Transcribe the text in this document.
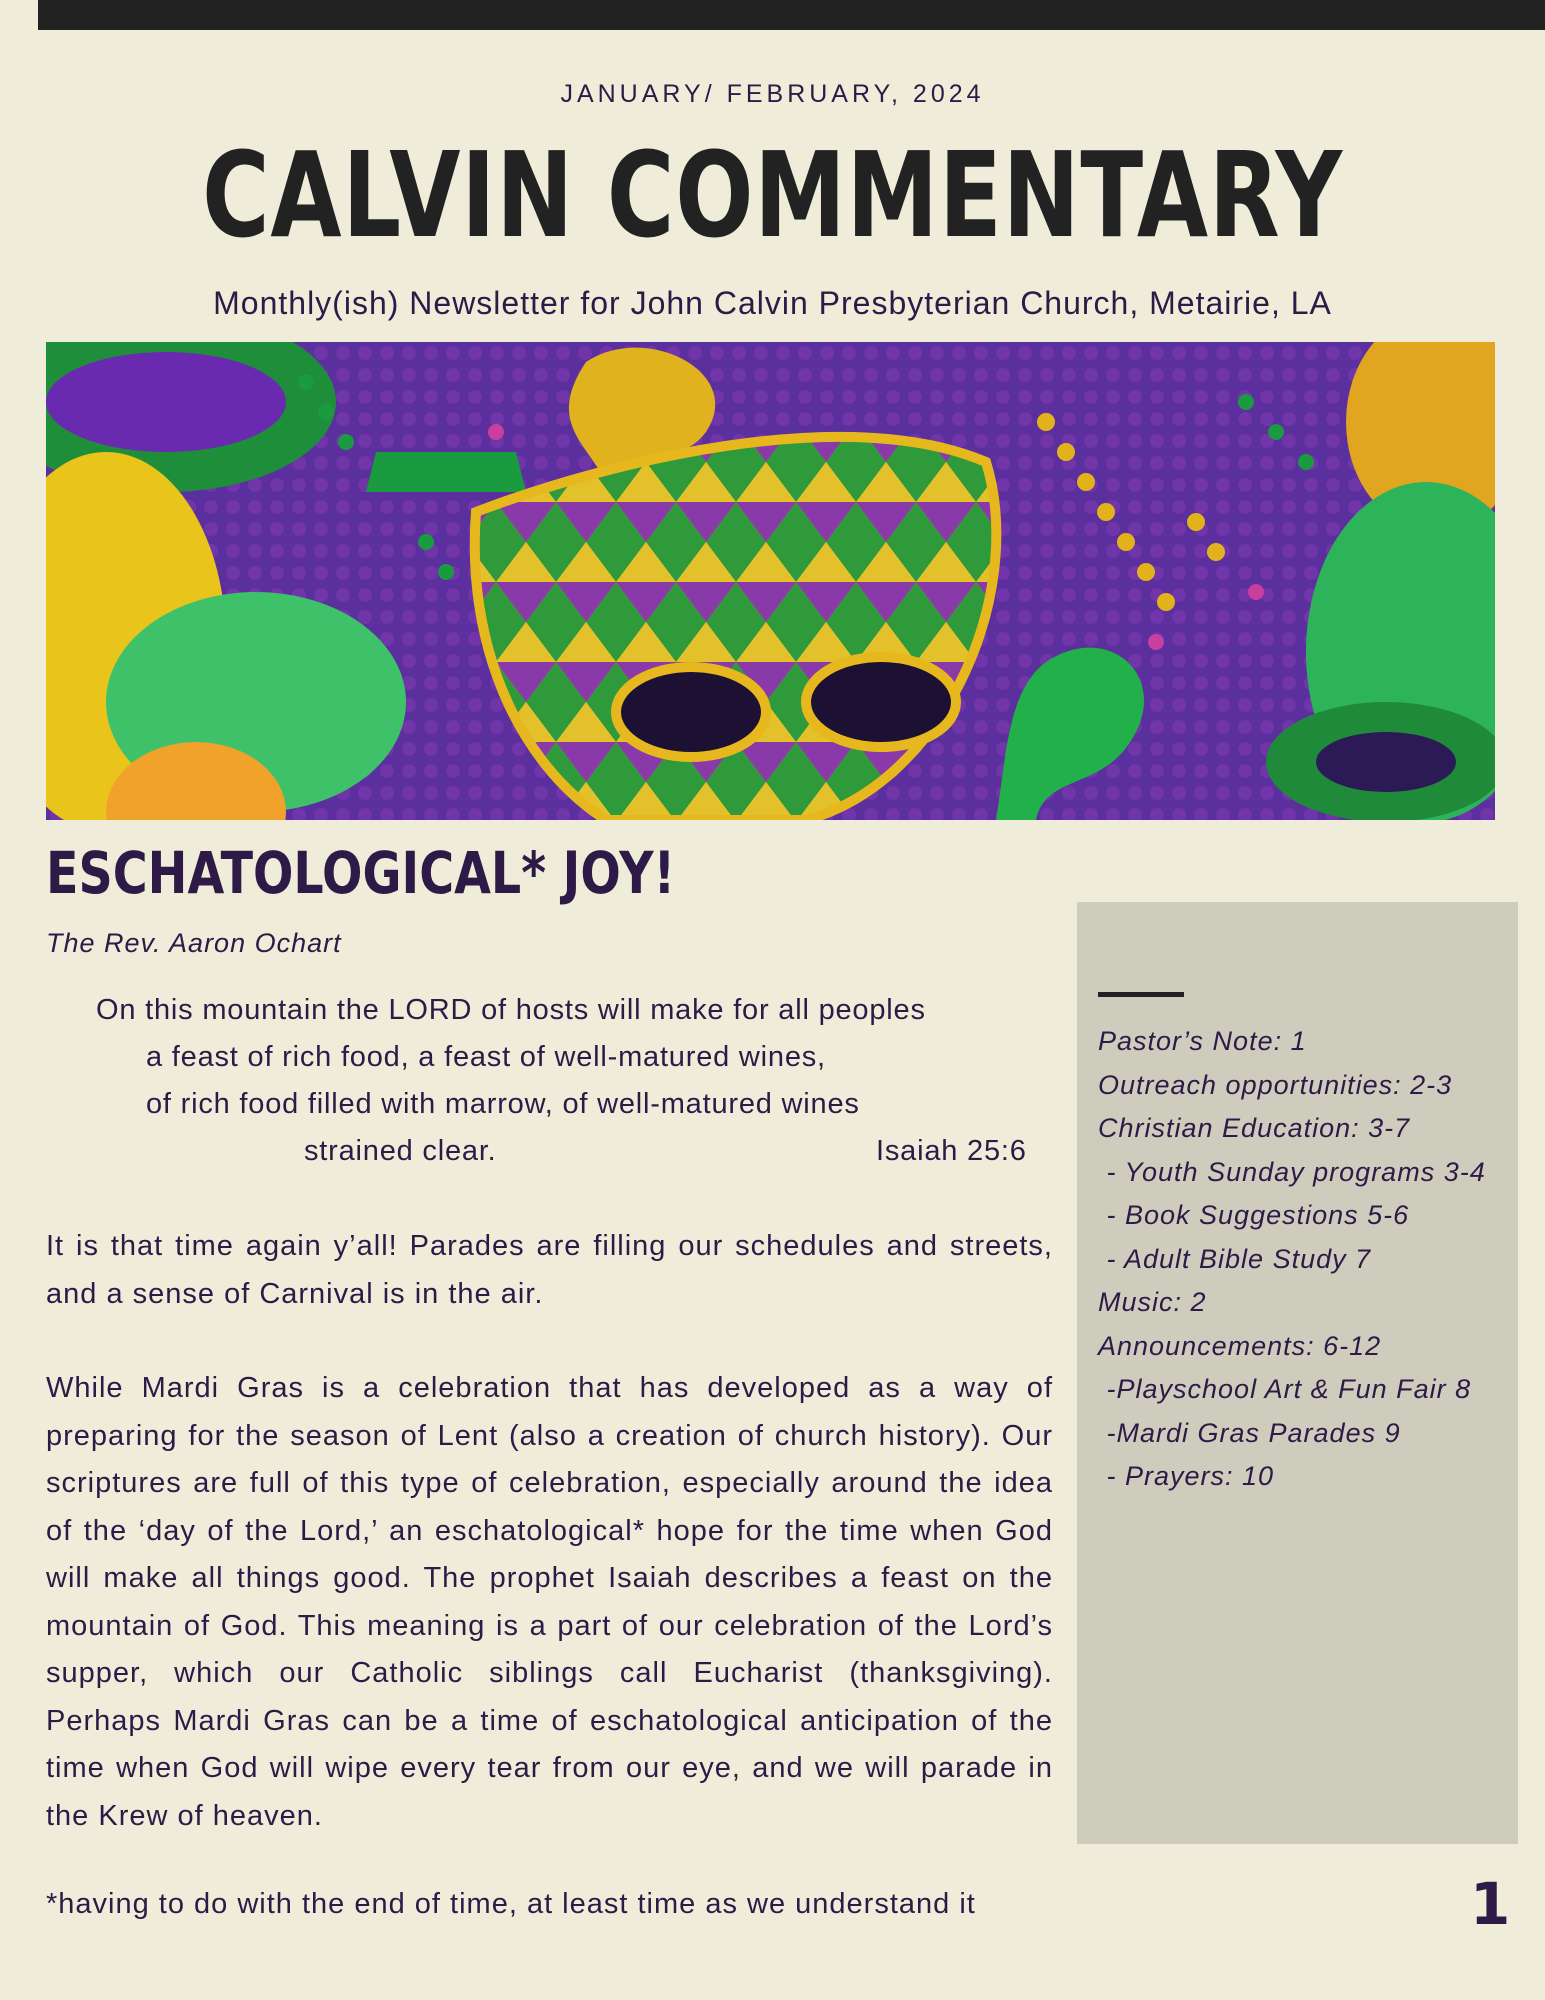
JANUARY/ FEBRUARY, 2024
CALVIN COMMENTARY
Monthly(ish) Newsletter for John Calvin Presbyterian Church, Metairie, LA
ESCHATOLOGICAL* JOY!
The Rev. Aaron Ochart
On this mountain the LORD of hosts will make for all peoples
a feast of rich food, a feast of well-matured wines,
of rich food filled with marrow, of well-matured wines
strained clear.	Isaiah 25:6

It is that time again y’all! Parades are filling our schedules and streets, and a sense of Carnival is in the air.

While Mardi Gras is a celebration that has developed as a way of preparing for the season of Lent (also a creation of church history). Our scriptures are full of this type of celebration, especially around the idea of the ‘day of the Lord,’ an eschatological* hope for the time when God will make all things good. The prophet Isaiah describes a feast on the mountain of God. This meaning is a part of our celebration of the Lord’s supper, which our Catholic siblings call Eucharist (thanksgiving). Perhaps Mardi Gras can be a time of eschatological anticipation of the time when God will wipe every tear from our eye, and we will parade in the Krew of heaven.

*having to do with the end of time, at least time as we understand it
Pastor’s Note: 1
Outreach opportunities: 2-3
Christian Education: 3-7
- Youth Sunday programs 3-4
- Book Suggestions 5-6
- Adult Bible Study 7
Music: 2
Announcements: 6-12
-Playschool Art & Fun Fair 8
-Mardi Gras Parades 9
- Prayers: 10
1
